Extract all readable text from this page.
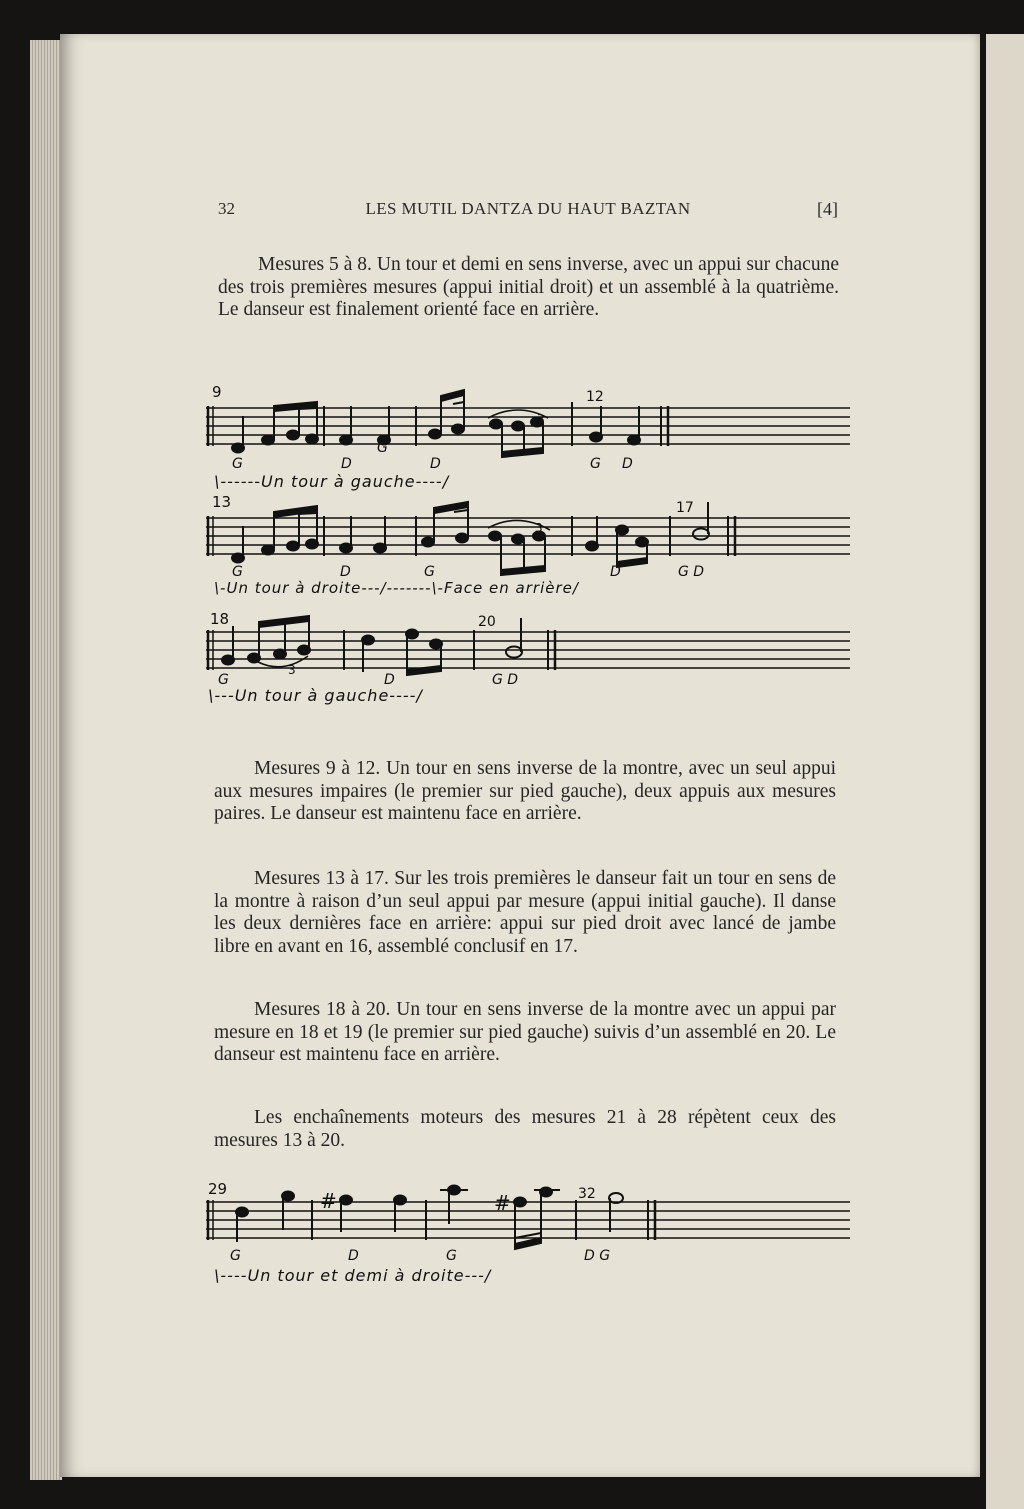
32	LES MUTIL DANTZA DU HAUT BAZTAN	[4]

Mesures 5 à 8. Un tour et demi en sens inverse, avec un appui sur chacune des trois premières mesures (appui initial droit) et un assemblé à la quatrième. Le danseur est finalement orienté face en arrière.

3
9	12
G	D
G
D	G D

\------Un tour à gauche----/

3
13	17
G	D	G	D	G D

\-Un tour à droite---/-------\-Face en arrière/

3
18	20
G	D	G D

\---Un tour à gauche----/

Mesures 9 à 12. Un tour en sens inverse de la montre, avec un seul appui aux mesures impaires (le premier sur pied gauche), deux appuis aux mesures paires. Le danseur est maintenu face en arrière.

Mesures 13 à 17. Sur les trois premières le danseur fait un tour en sens de la montre à raison d’un seul appui par mesure (appui initial gauche). Il danse les deux dernières face en arrière: appui sur pied droit avec lancé de jambe libre en avant en 16, assemblé conclusif en 17.

Mesures 18 à 20. Un tour en sens inverse de la montre avec un appui par mesure en 18 et 19 (le premier sur pied gauche) suivis d’un assemblé en 20. Le danseur est maintenu face en arrière.

Les enchaînements moteurs des mesures 21 à 28 répètent ceux des mesures 13 à 20.

#	#
29	32
G	D	G	D G

\----Un tour et demi à droite---/
